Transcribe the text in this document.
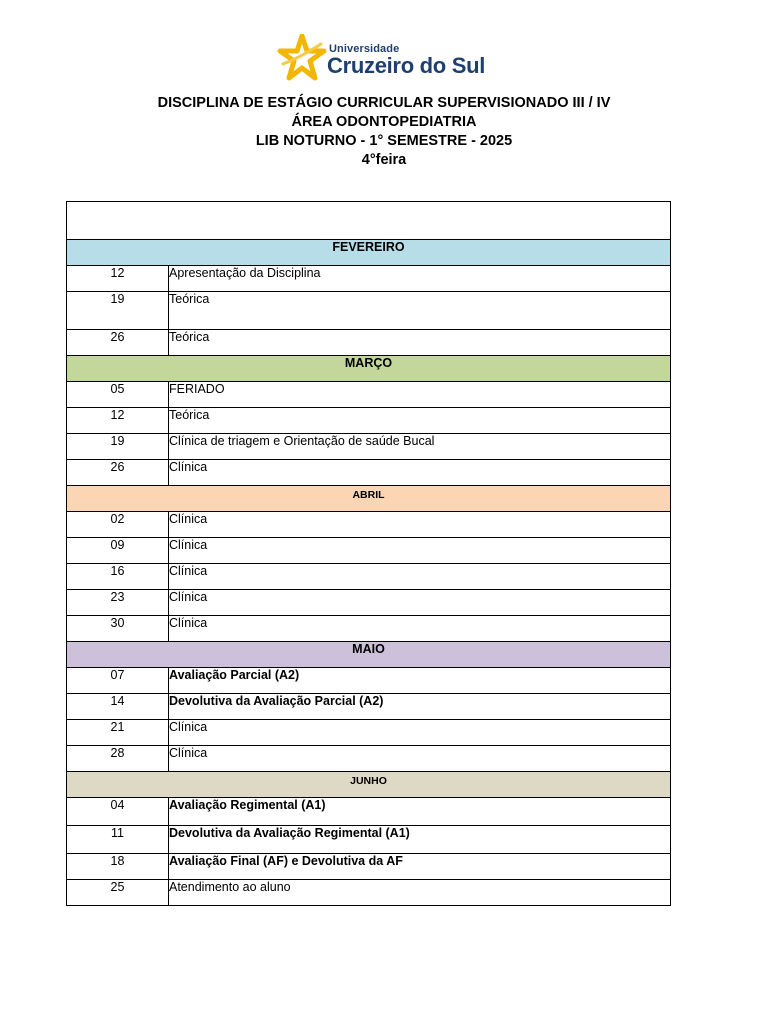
Universidade
Cruzeiro do Sul
DISCIPLINA DE ESTÁGIO CURRICULAR SUPERVISIONADO III / IV
ÁREA ODONTOPEDIATRIA
LIB NOTURNO - 1° SEMESTRE - 2025
4°feira

FEVEREIRO	
12	Apresentação da Disciplina
19	Teórica
26	Teórica
MARÇO	
05	FERIADO
12	Teórica
19	Clínica de triagem e Orientação de saúde Bucal
26	Clínica
ABRIL	
02	Clínica
09	Clínica
16	Clínica
23	Clínica
30	Clínica
MAIO	
07	Avaliação Parcial (A2)
14	Devolutiva da Avaliação Parcial (A2)
21	Clínica
28	Clínica
JUNHO	
04	Avaliação Regimental (A1)
11	Devolutiva da Avaliação Regimental (A1)
18	Avaliação Final (AF) e Devolutiva da AF
25	Atendimento ao aluno
